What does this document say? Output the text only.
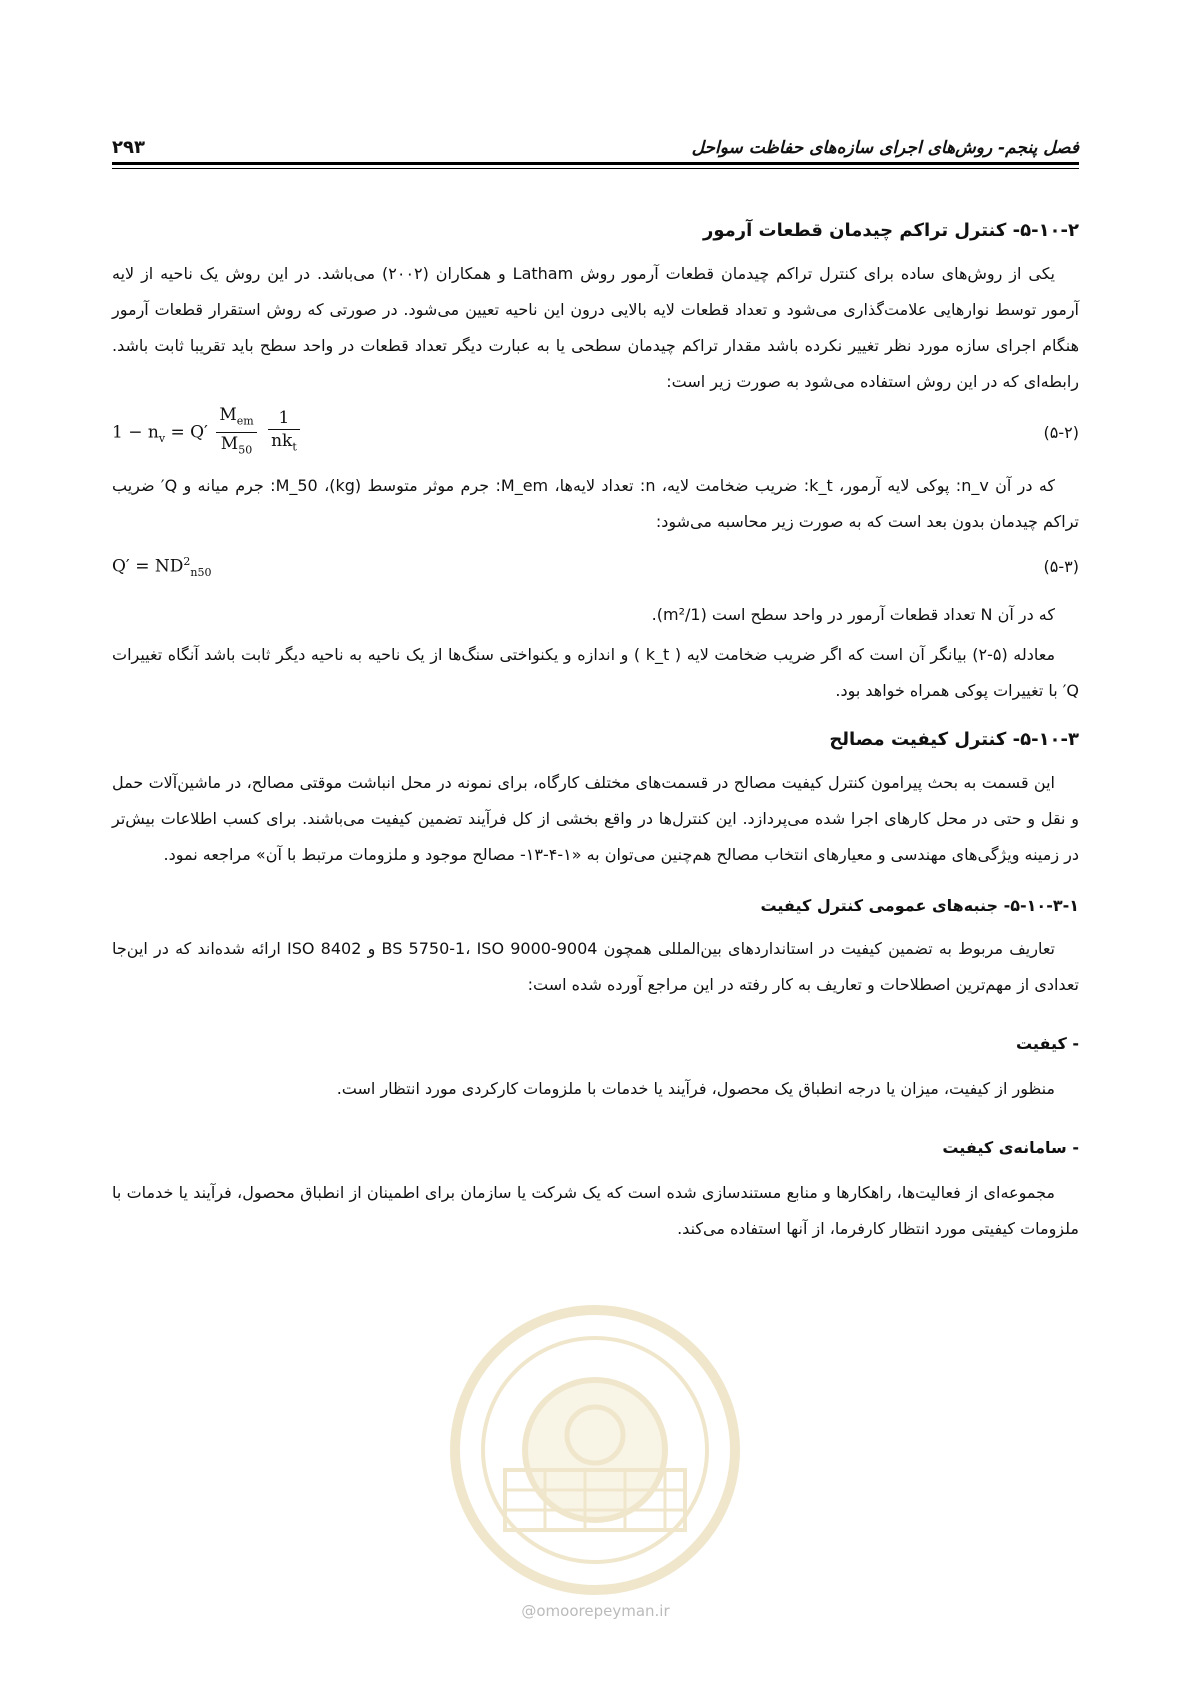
۲۹۳	فصل پنجم- روش‌های اجرای سازه‌های حفاظت سواحل
۵-۱۰-۲- کنترل تراکم چیدمان قطعات آرمور

یکی از روش‌های ساده برای کنترل تراکم چیدمان قطعات آرمور روش Latham و همکاران (۲۰۰۲) می‌باشد. در این روش یک ناحیه از لایه آرمور توسط نوارهایی علامت‌گذاری می‌شود و تعداد قطعات لایه بالایی درون این ناحیه تعیین می‌شود. در صورتی که روش استقرار قطعات آرمور هنگام اجرای سازه مورد نظر تغییر نکرده باشد مقدار تراکم چیدمان سطحی یا به عبارت دیگر تعداد قطعات در واحد سطح باید تقریبا ثابت باشد. رابطه‌ای که در این روش استفاده می‌شود به صورت زیر است:

$1 - n_v = Q' \frac{M_{em}}{M_{50}}$
$\frac{1}{nk_t}$	(۵-۲)

که در آن n_v: پوکی لایه آرمور، k_t: ضریب ضخامت لایه، n: تعداد لایه‌ها، M_em: جرم موثر متوسط (kg)، M_50: جرم میانه و Q′ ضریب تراکم چیدمان بدون بعد است که به صورت زیر محاسبه می‌شود:

$Q' = ND^2_{n50}$	(۵-۳)

که در آن N تعداد قطعات آرمور در واحد سطح است (1/m²).

معادله (۵-۲) بیانگر آن است که اگر ضریب ضخامت لایه ( k_t ) و اندازه و یکنواختی سنگ‌ها از یک ناحیه به ناحیه دیگر ثابت باشد آنگاه تغییرات Q′ با تغییرات پوکی همراه خواهد بود.

۵-۱۰-۳- کنترل کیفیت مصالح

این قسمت به بحث پیرامون کنترل کیفیت مصالح در قسمت‌های مختلف کارگاه، برای نمونه در محل انباشت موقتی مصالح، در ماشین‌آلات حمل و نقل و حتی در محل کارهای اجرا شده می‌پردازد. این کنترل‌ها در واقع بخشی از کل فرآیند تضمین کیفیت می‌باشند. برای کسب اطلاعات بیش‌تر در زمینه ویژگی‌های مهندسی و معیارهای انتخاب مصالح هم‌چنین می‌توان به «۱-۴-۱۳- مصالح موجود و ملزومات مرتبط با آن» مراجعه نمود.

۵-۱۰-۳-۱- جنبه‌های عمومی کنترل کیفیت

تعاریف مربوط به تضمین کیفیت در استانداردهای بین‌المللی همچون BS 5750-1، ISO 9000-9004 و ISO 8402 ارائه شده‌اند که در این‌جا تعدادی از مهم‌ترین اصطلاحات و تعاریف به کار رفته در این مراجع آورده شده است:

- کیفیت

منظور از کیفیت، میزان یا درجه انطباق یک محصول، فرآیند یا خدمات با ملزومات کارکردی مورد انتظار است.

- سامانه‌ی کیفیت

مجموعه‌ای از فعالیت‌ها، راهکارها و منابع مستندسازی شده است که یک شرکت یا سازمان برای اطمینان از انطباق محصول، فرآیند یا خدمات با ملزومات کیفیتی مورد انتظار کارفرما، از آنها استفاده می‌کند.

@omoorepeyman.ir
